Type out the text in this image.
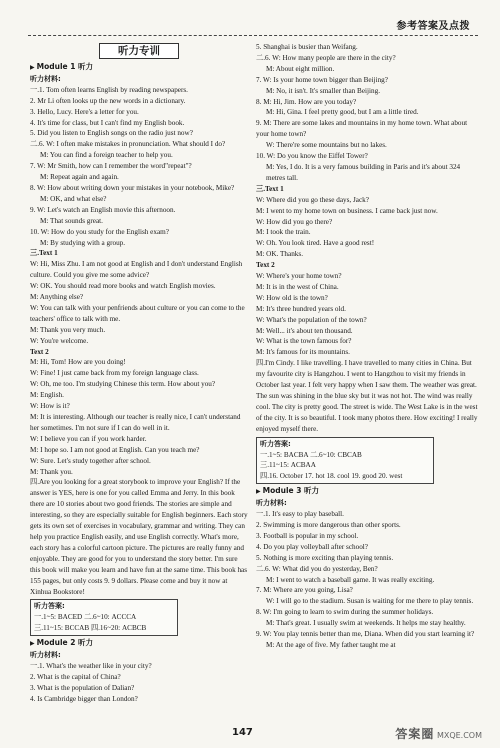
参考答案及点拨
听力专训

▶ Module 1 听力

听力材料:

一.1. Tom often learns English by reading newspapers.

2. Mr Li often looks up the new words in a dictionary.

3. Hello, Lucy. Here's a letter for you.

4. It's time for class, but I can't find my English book.

5. Did you listen to English songs on the radio just now?

二.6. W: I often make mistakes in pronunciation. What should I do?

M: You can find a foreign teacher to help you.

7. W: Mr Smith, how can I remember the word"repeat"?

M: Repeat again and again.

8. W: How about writing down your mistakes in your notebook, Mike?

M: OK, and what else?

9. W: Let's watch an English movie this afternoon.

M: That sounds great.

10. W: How do you study for the English exam?

M: By studying with a group.

三.Text 1

W: Hi, Miss Zhu. I am not good at English and I don't understand English culture. Could you give me some advice?

W: OK. You should read more books and watch English movies.

M: Anything else?

W: You can talk with your penfriends about culture or you can come to the teachers' office to talk with me.

M: Thank you very much.

W: You're welcome.

Text 2

M: Hi, Tom! How are you doing!

W: Fine! I just came back from my foreign language class.

W: Oh, me too. I'm studying Chinese this term. How about you?

M: English.

W: How is it?

M: It is interesting. Although our teacher is really nice, I can't understand her sometimes. I'm not sure if I can do well in it.

W: I believe you can if you work harder.

M: I hope so. I am not good at English. Can you teach me?

W: Sure. Let's study together after school.

M: Thank you.

四.Are you looking for a great storybook to improve your English? If the answer is YES, here is one for you called Emma and Jerry. In this book there are 10 stories about two good friends. The stories are simple and interesting, so they are especially suitable for English beginners. Each story gets its own set of exercises in vocabulary, grammar and writing. They can help you practice English easily, and use English correctly. What's more, each story has a colorful cartoon picture. The pictures are really funny and enjoyable. They are good for you to understand the story better. I'm sure this book will make you learn and have fun at the same time. This book has 155 pages, but only costs 9. 9 dollars. Please come and buy it now at Xinhua Bookstore!

听力答案:

一.1~5: BACED 二.6~10: ACCCA

三.11~15: BCCAB 四.16~20: ACBCB

▶ Module 2 听力

听力材料:

一.1. What's the weather like in your city?

2. What is the capital of China?

3. What is the population of Dalian?

4. Is Cambridge bigger than London?

5. Shanghai is busier than Weifang.

二.6. W: How many people are there in the city?

M: About eight million.

7. W: Is your home town bigger than Beijing?

M: No, it isn't. It's smaller than Beijing.

8. M: Hi, Jim. How are you today?

M: Hi, Gina. I feel pretty good, but I am a little tired.

9. M: There are some lakes and mountains in my home town. What about your home town?

W: There're some mountains but no lakes.

10. W: Do you know the Eiffel Tower?

M: Yes, I do. It is a very famous building in Paris and it's about 324 metres tall.

三.Text 1

W: Where did you go these days, Jack?

M: I went to my home town on business. I came back just now.

W: How did you go there?

M: I took the train.

W: Oh. You look tired. Have a good rest!

M: OK. Thanks.

Text 2

W: Where's your home town?

M: It is in the west of China.

W: How old is the town?

M: It's three hundred years old.

W: What's the population of the town?

M: Well... it's about ten thousand.

W: What is the town famous for?

M: It's famous for its mountains.

四.I'm Cindy. I like travelling. I have travelled to many cities in China. But my favourite city is Hangzhou. I went to Hangzhou to visit my friends in October last year. I felt very happy when I saw them. The weather was great. The sun was shining in the blue sky but it was not hot. The wind was really cool. The city is pretty good. The street is wide. The West Lake is in the west of the city. It is so beautiful. I took many photos there. How exciting! I really enjoyed myself there.

听力答案:

一.1~5: BACBA 二.6~10: CBCAB

三.11~15: ACBAA

四.16. October 17. hot 18. cool 19. good 20. west

▶ Module 3 听力

听力材料:

一.1. It's easy to play baseball.

2. Swimming is more dangerous than other sports.

3. Football is popular in my school.

4. Do you play volleyball after school?

5. Nothing is more exciting than playing tennis.

二.6. W: What did you do yesterday, Ben?

M: I went to watch a baseball game. It was really exciting.

7. M: Where are you going, Lisa?

W: I will go to the stadium. Susan is waiting for me there to play tennis.

8. W: I'm going to learn to swim during the summer holidays.

M: That's great. I usually swim at weekends. It helps me stay healthy.

9. W: You play tennis better than me, Diana. When did you start learning it?

M: At the age of five. My father taught me at

147	答案圈 MXQE.COM
